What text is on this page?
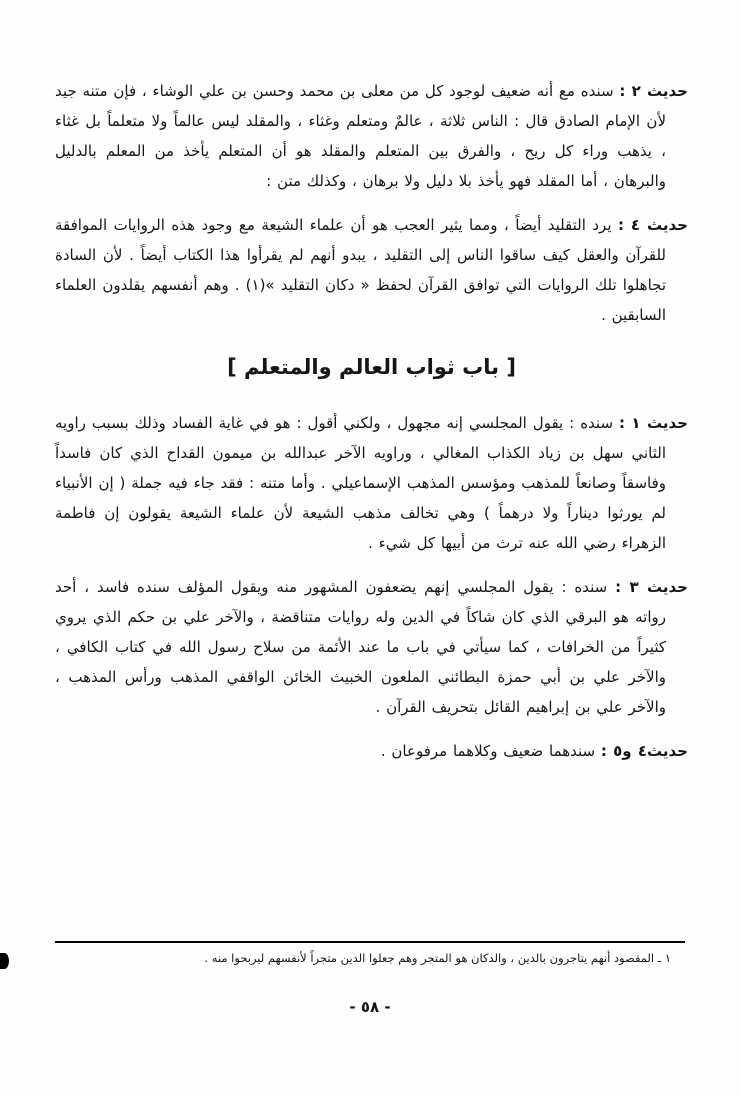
حديث ٢ : سنده مع أنه ضعيف لوجود كل من معلى بن محمد وحسن بن علي الوشاء ، فإن متنه جيد لأن الإمام الصادق قال : الناس ثلاثة ، عالمٌ ومتعلم وغثاء ، والمقلد ليس عالماً ولا متعلماً بل غثاء ، يذهب وراء كل ريح ، والفرق بين المتعلم والمقلد هو أن المتعلم يأخذ من المعلم بالدليل والبرهان ، أما المقلد فهو يأخذ بلا دليل ولا برهان ، وكذلك متن :

حديث ٤ : يرد التقليد أيضاً ، ومما يثير العجب هو أن علماء الشيعة مع وجود هذه الروايات الموافقة للقرآن والعقل كيف ساقوا الناس إلى التقليد ، يبدو أنهم لم يقرأوا هذا الكتاب أيضاً . لأن السادة تجاهلوا تلك الروايات التي توافق القرآن لحفظ « دكان التقليد »(١) . وهم أنفسهم يقلدون العلماء السابقين .

[ باب ثواب العالم والمتعلم ]

حديث ١ : سنده : يقول المجلسي إنه مجهول ، ولكني أقول : هو في غاية الفساد وذلك بسبب راويه الثاني سهل بن زياد الكذاب المغالي ، وراويه الآخر عبدالله بن ميمون القداح الذي كان فاسداً وفاسقاً وصانعاً للمذهب ومؤسس المذهب الإسماعيلي . وأما متنه : فقد جاء فيه جملة ( إن الأنبياء لم يورثوا ديناراً ولا درهماً ) وهي تخالف مذهب الشيعة لأن علماء الشيعة يقولون إن فاطمة الزهراء رضي الله عنه ترث من أبيها كل شيء .

حديث ٣ : سنده : يقول المجلسي إنهم يضعفون المشهور منه ويقول المؤلف سنده فاسد ، أحد رواته هو البرقي الذي كان شاكاً في الدين وله روايات متناقضة ، والآخر علي بن حكم الذي يروي كثيراً من الخرافات ، كما سيأتي في باب ما عند الأئمة من سلاح رسول الله في كتاب الكافي ، والآخر علي بن أبي حمزة البطائني الملعون الخبيث الخائن الواقفي المذهب ورأس المذهب ، والآخر علي بن إبراهيم القائل بتحريف القرآن .

حديث٤ و٥ : سندهما ضعيف وكلاهما مرفوعان .

١ ـ المقصود أنهم يتاجرون بالدين ، والدكان هو المتجر وهم جعلوا الدين متجراً لأنفسهم ليربحوا منه .
- ٥٨ -
